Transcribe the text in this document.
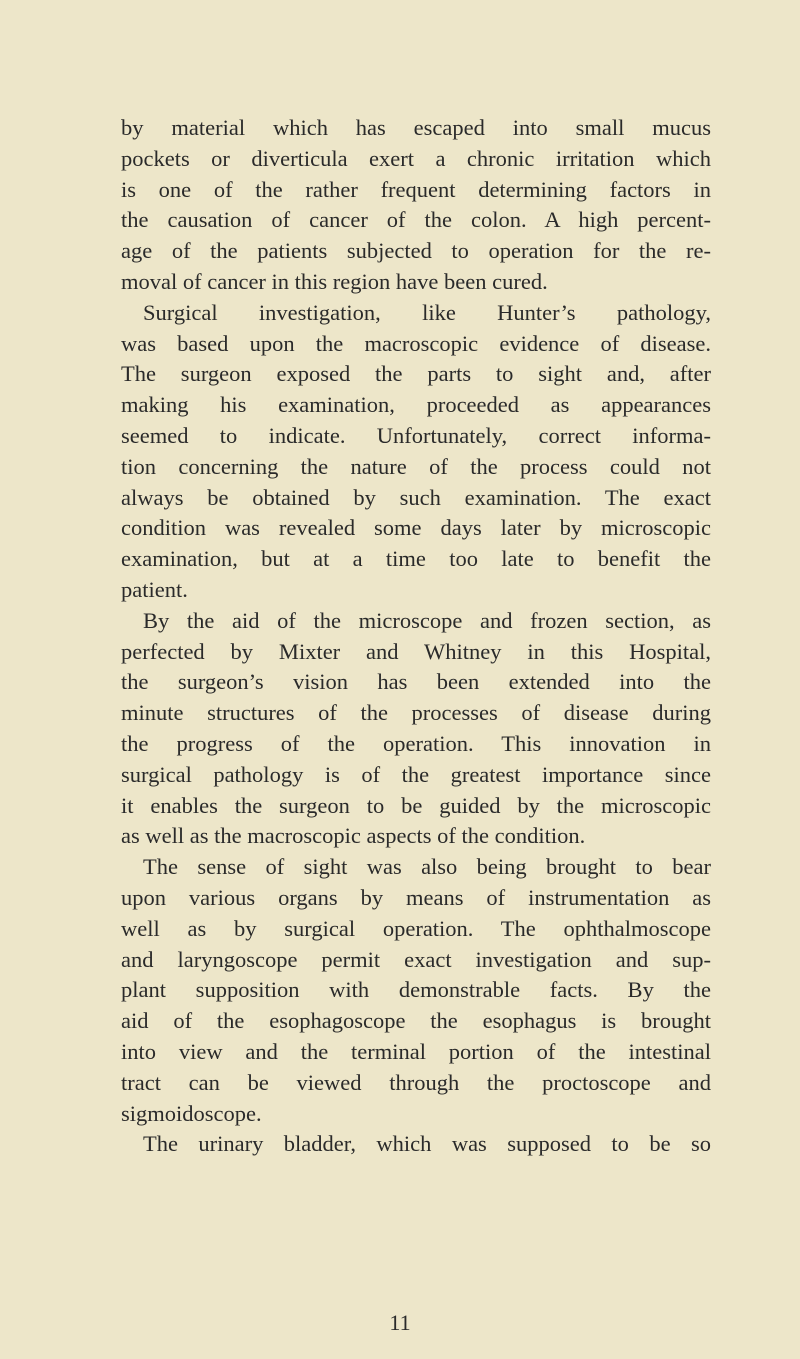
by material which has escaped into small mucus
pockets or diverticula exert a chronic irritation which
is one of the rather frequent determining factors in
the causation of cancer of the colon. A high percent-
age of the patients subjected to operation for the re-
moval of cancer in this region have been cured.
Surgical investigation, like Hunter’s pathology,
was based upon the macroscopic evidence of disease.
The surgeon exposed the parts to sight and, after
making his examination, proceeded as appearances
seemed to indicate. Unfortunately, correct informa-
tion concerning the nature of the process could not
always be obtained by such examination. The exact
condition was revealed some days later by microscopic
examination, but at a time too late to benefit the
patient.
By the aid of the microscope and frozen section, as
perfected by Mixter and Whitney in this Hospital,
the surgeon’s vision has been extended into the
minute structures of the processes of disease during
the progress of the operation. This innovation in
surgical pathology is of the greatest importance since
it enables the surgeon to be guided by the microscopic
as well as the macroscopic aspects of the condition.
The sense of sight was also being brought to bear
upon various organs by means of instrumentation as
well as by surgical operation. The ophthalmoscope
and laryngoscope permit exact investigation and sup-
plant supposition with demonstrable facts. By the
aid of the esophagoscope the esophagus is brought
into view and the terminal portion of the intestinal
tract can be viewed through the proctoscope and
sigmoidoscope.
The urinary bladder, which was supposed to be so
11
